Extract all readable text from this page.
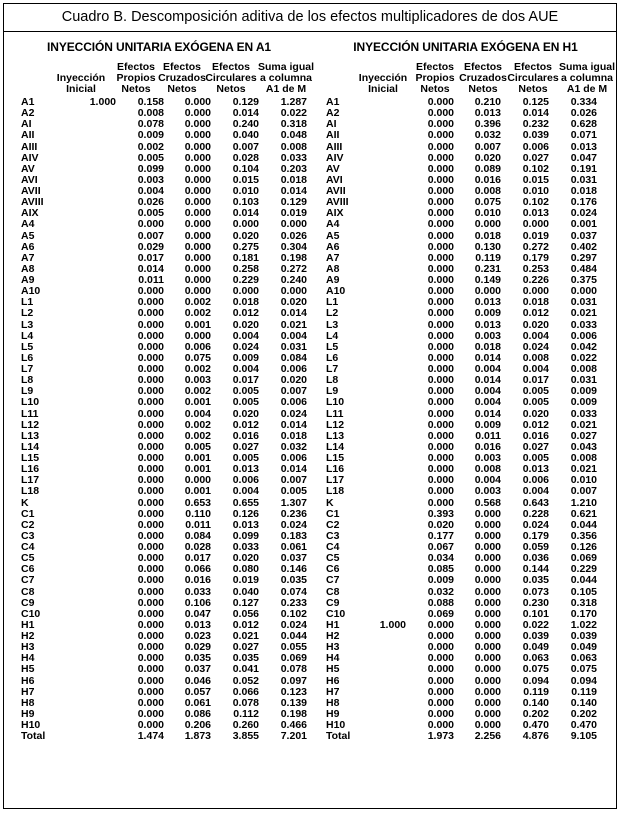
Cuadro B. Descomposición aditiva de los efectos multiplicadores de dos AUE
INYECCIÓN UNITARIA EXÓGENA EN A1
Inyección
Inicial
Efectos
Propios
Netos
Efectos
Cruzados
Netos
Efectos
Circulares
Netos
Suma igual
a columna
A1 de M
	A1	1.000	0.158	0.000	0.129	1.287
	A2		0.008	0.000	0.014	0.022
	AI		0.078	0.000	0.240	0.318
	AII		0.009	0.000	0.040	0.048
	AIII		0.002	0.000	0.007	0.008
	AIV		0.005	0.000	0.028	0.033
	AV		0.099	0.000	0.104	0.203
	AVI		0.003	0.000	0.015	0.018
	AVII		0.004	0.000	0.010	0.014
	AVIII		0.026	0.000	0.103	0.129
	AIX		0.005	0.000	0.014	0.019
	A4		0.000	0.000	0.000	0.000
	A5		0.007	0.000	0.020	0.026
	A6		0.029	0.000	0.275	0.304
	A7		0.017	0.000	0.181	0.198
	A8		0.014	0.000	0.258	0.272
	A9		0.011	0.000	0.229	0.240
	A10		0.000	0.000	0.000	0.000
	L1		0.000	0.002	0.018	0.020
	L2		0.000	0.002	0.012	0.014
	L3		0.000	0.001	0.020	0.021
	L4		0.000	0.000	0.004	0.004
	L5		0.000	0.006	0.024	0.031
	L6		0.000	0.075	0.009	0.084
	L7		0.000	0.002	0.004	0.006
	L8		0.000	0.003	0.017	0.020
	L9		0.000	0.002	0.005	0.007
	L10		0.000	0.001	0.005	0.006
	L11		0.000	0.004	0.020	0.024
	L12		0.000	0.002	0.012	0.014
	L13		0.000	0.002	0.016	0.018
	L14		0.000	0.005	0.027	0.032
	L15		0.000	0.001	0.005	0.006
	L16		0.000	0.001	0.013	0.014
	L17		0.000	0.000	0.006	0.007
	L18		0.000	0.001	0.004	0.005
	K		0.000	0.653	0.655	1.307
	C1		0.000	0.110	0.126	0.236
	C2		0.000	0.011	0.013	0.024
	C3		0.000	0.084	0.099	0.183
	C4		0.000	0.028	0.033	0.061
	C5		0.000	0.017	0.020	0.037
	C6		0.000	0.066	0.080	0.146
	C7		0.000	0.016	0.019	0.035
	C8		0.000	0.033	0.040	0.074
	C9		0.000	0.106	0.127	0.233
	C10		0.000	0.047	0.056	0.102
	H1		0.000	0.013	0.012	0.024
	H2		0.000	0.023	0.021	0.044
	H3		0.000	0.029	0.027	0.055
	H4		0.000	0.035	0.035	0.069
	H5		0.000	0.037	0.041	0.078
	H6		0.000	0.046	0.052	0.097
	H7		0.000	0.057	0.066	0.123
	H8		0.000	0.061	0.078	0.139
	H9		0.000	0.086	0.112	0.198
	H10		0.000	0.206	0.260	0.466
	Total		1.474	1.873	3.855	7.201
INYECCIÓN UNITARIA EXÓGENA EN H1
Inyección
Inicial
Efectos
Propios
Netos
Efectos
Cruzados
Netos
Efectos
Circulares
Netos
Suma igual
a columna
A1 de M
	A1		0.000	0.210	0.125	0.334
	A2		0.000	0.013	0.014	0.026
	AI		0.000	0.396	0.232	0.628
	AII		0.000	0.032	0.039	0.071
	AIII		0.000	0.007	0.006	0.013
	AIV		0.000	0.020	0.027	0.047
	AV		0.000	0.089	0.102	0.191
	AVI		0.000	0.016	0.015	0.031
	AVII		0.000	0.008	0.010	0.018
	AVIII		0.000	0.075	0.102	0.176
	AIX		0.000	0.010	0.013	0.024
	A4		0.000	0.000	0.000	0.001
	A5		0.000	0.018	0.019	0.037
	A6		0.000	0.130	0.272	0.402
	A7		0.000	0.119	0.179	0.297
	A8		0.000	0.231	0.253	0.484
	A9		0.000	0.149	0.226	0.375
	A10		0.000	0.000	0.000	0.000
	L1		0.000	0.013	0.018	0.031
	L2		0.000	0.009	0.012	0.021
	L3		0.000	0.013	0.020	0.033
	L4		0.000	0.003	0.004	0.006
	L5		0.000	0.018	0.024	0.042
	L6		0.000	0.014	0.008	0.022
	L7		0.000	0.004	0.004	0.008
	L8		0.000	0.014	0.017	0.031
	L9		0.000	0.004	0.005	0.009
	L10		0.000	0.004	0.005	0.009
	L11		0.000	0.014	0.020	0.033
	L12		0.000	0.009	0.012	0.021
	L13		0.000	0.011	0.016	0.027
	L14		0.000	0.016	0.027	0.043
	L15		0.000	0.003	0.005	0.008
	L16		0.000	0.008	0.013	0.021
	L17		0.000	0.004	0.006	0.010
	L18		0.000	0.003	0.004	0.007
	K		0.000	0.568	0.643	1.210
	C1		0.393	0.000	0.228	0.621
	C2		0.020	0.000	0.024	0.044
	C3		0.177	0.000	0.179	0.356
	C4		0.067	0.000	0.059	0.126
	C5		0.034	0.000	0.036	0.069
	C6		0.085	0.000	0.144	0.229
	C7		0.009	0.000	0.035	0.044
	C8		0.032	0.000	0.073	0.105
	C9		0.088	0.000	0.230	0.318
	C10		0.069	0.000	0.101	0.170
	H1	1.000	0.000	0.000	0.022	1.022
	H2		0.000	0.000	0.039	0.039
	H3		0.000	0.000	0.049	0.049
	H4		0.000	0.000	0.063	0.063
	H5		0.000	0.000	0.075	0.075
	H6		0.000	0.000	0.094	0.094
	H7		0.000	0.000	0.119	0.119
	H8		0.000	0.000	0.140	0.140
	H9		0.000	0.000	0.202	0.202
	H10		0.000	0.000	0.470	0.470
	Total		1.973	2.256	4.876	9.105
